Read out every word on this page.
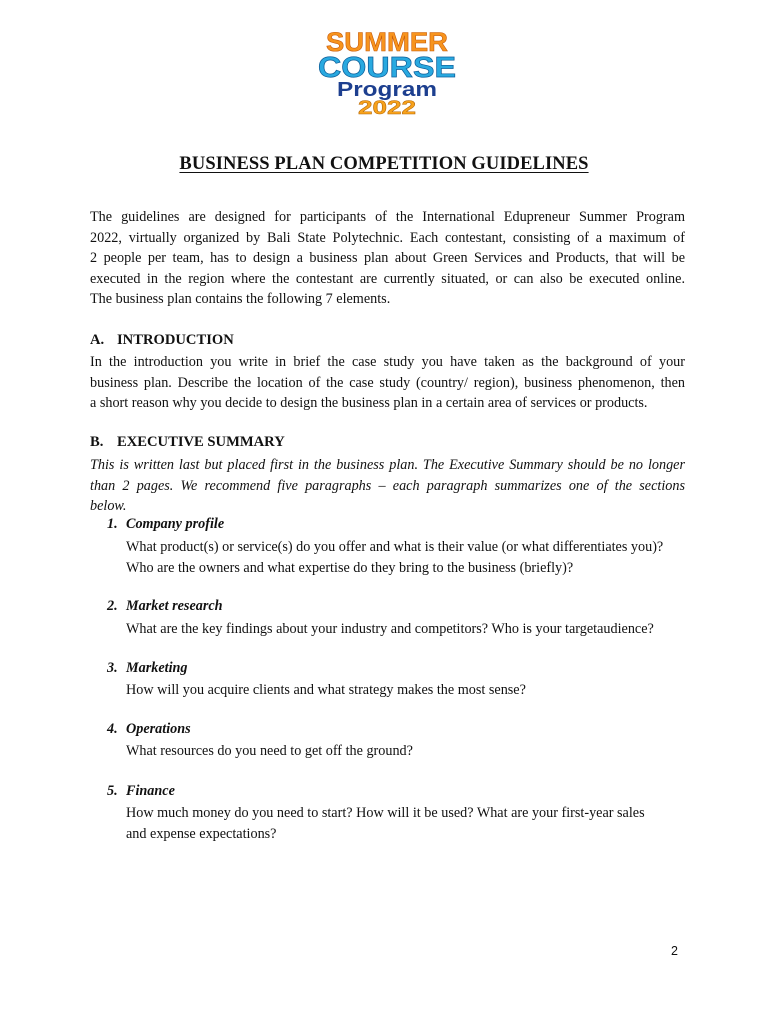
SUMMER
COURSE
Program
2022
BUSINESS PLAN COMPETITION GUIDELINES
The guidelines are designed for participants of the International Edupreneur Summer Program
2022, virtually organized by Bali State Polytechnic. Each contestant, consisting of a maximum of
2 people per team, has to design a business plan about Green Services and Products, that will be
executed in the region where the contestant are currently situated, or can also be executed online.
The business plan contains the following 7 elements.
A. INTRODUCTION
In the introduction you write in brief the case study you have taken as the background of your
business plan. Describe the location of the case study (country/ region), business phenomenon, then
a short reason why you decide to design the business plan in a certain area of services or products.
B. EXECUTIVE SUMMARY
This is written last but placed first in the business plan. The Executive Summary should be no longer
than 2 pages. We recommend five paragraphs – each paragraph summarizes one of the sections
below.
1. Company profile
What product(s) or service(s) do you offer and what is their value (or what differentiates you)?
Who are the owners and what expertise do they bring to the business (briefly)?
2. Market research
What are the key findings about your industry and competitors? Who is your targetaudience?
3. Marketing
How will you acquire clients and what strategy makes the most sense?
4. Operations
What resources do you need to get off the ground?
5. Finance
How much money do you need to start? How will it be used? What are your first-year sales
and expense expectations?
2
